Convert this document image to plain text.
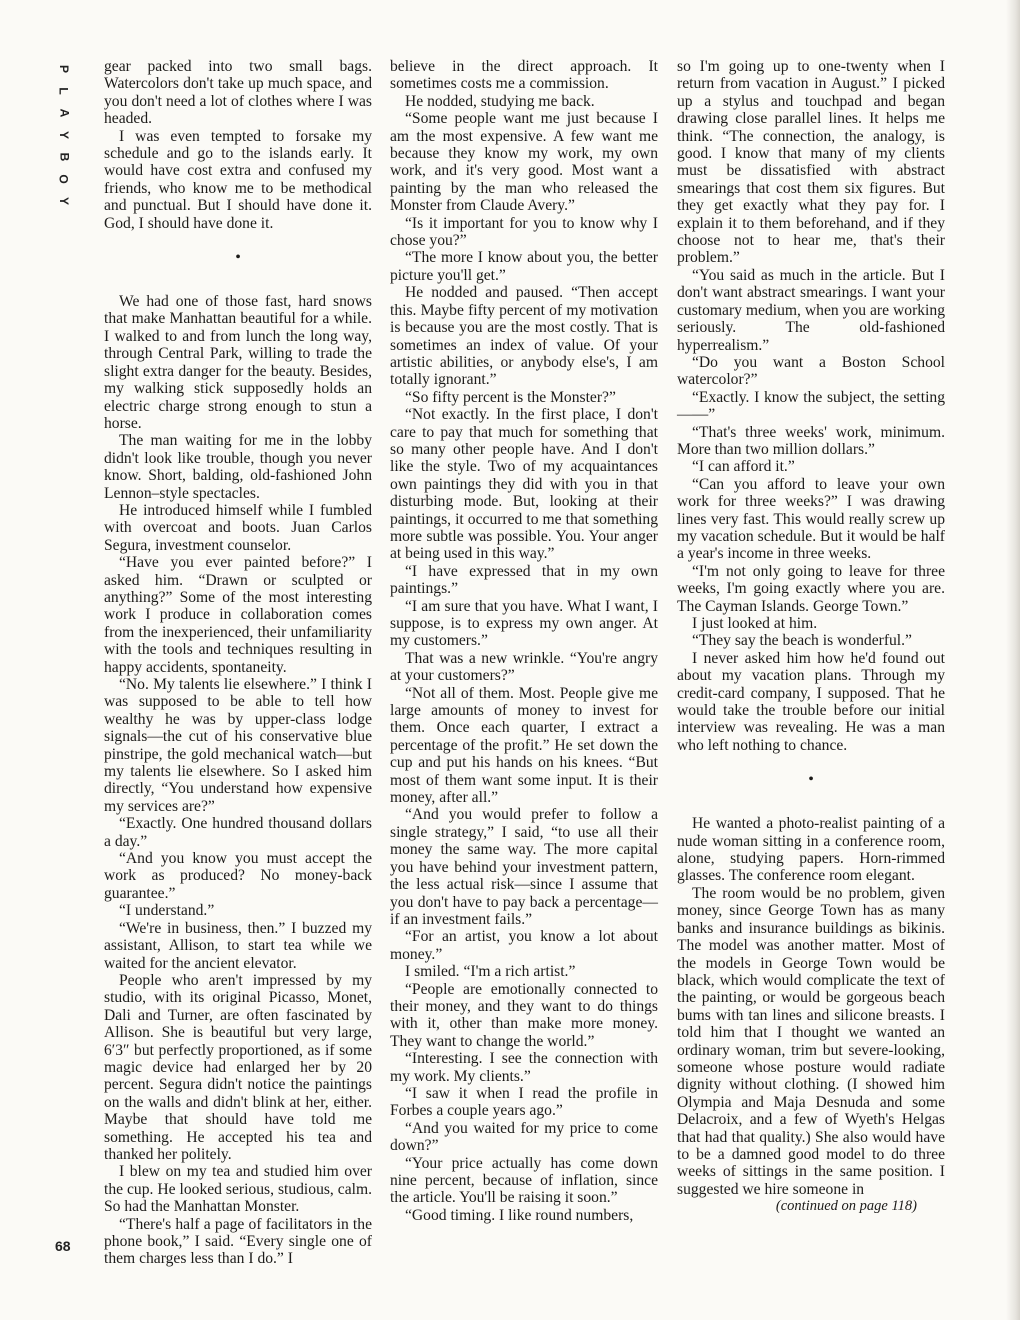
P
L
A
Y
B
O
Y

gear packed into two small bags. Watercolors don't take up much space, and you don't need a lot of clothes where I was headed.

I was even tempted to forsake my schedule and go to the islands early. It would have cost extra and confused my friends, who know me to be methodical and punctual. But I should have done it. God, I should have done it.

•

We had one of those fast, hard snows that make Manhattan beautiful for a while. I walked to and from lunch the long way, through Central Park, willing to trade the slight extra danger for the beauty. Besides, my walking stick supposedly holds an electric charge strong enough to stun a horse.

The man waiting for me in the lobby didn't look like trouble, though you never know. Short, balding, old-fashioned John Lennon–style spectacles.

He introduced himself while I fumbled with overcoat and boots. Juan Carlos Segura, investment counselor.

“Have you ever painted before?” I asked him. “Drawn or sculpted or anything?” Some of the most interesting work I produce in collaboration comes from the inexperienced, their unfamiliarity with the tools and techniques resulting in happy accidents, spontaneity.

“No. My talents lie elsewhere.” I think I was supposed to be able to tell how wealthy he was by upper-class lodge signals—the cut of his conservative blue pinstripe, the gold mechanical watch—but my talents lie elsewhere. So I asked him directly, “You understand how expensive my services are?”

“Exactly. One hundred thousand dollars a day.”

“And you know you must accept the work as produced? No money-back guarantee.”

“I understand.”

“We're in business, then.” I buzzed my assistant, Allison, to start tea while we waited for the ancient elevator.

People who aren't impressed by my studio, with its original Picasso, Monet, Dali and Turner, are often fascinated by Allison. She is beautiful but very large, 6′3″ but perfectly proportioned, as if some magic device had enlarged her by 20 percent. Segura didn't notice the paintings on the walls and didn't blink at her, either. Maybe that should have told me something. He accepted his tea and thanked her politely.

I blew on my tea and studied him over the cup. He looked serious, studious, calm. So had the Manhattan Monster.

“There's half a page of facilitators in the phone book,” I said. “Every single one of them charges less than I do.” I

believe in the direct approach. It sometimes costs me a commission.

He nodded, studying me back.

“Some people want me just because I am the most expensive. A few want me because they know my work, my own work, and it's very good. Most want a painting by the man who released the Monster from Claude Avery.”

“Is it important for you to know why I chose you?”

“The more I know about you, the better picture you'll get.”

He nodded and paused. “Then accept this. Maybe fifty percent of my motivation is because you are the most costly. That is sometimes an index of value. Of your artistic abilities, or anybody else's, I am totally ignorant.”

“So fifty percent is the Monster?”

“Not exactly. In the first place, I don't care to pay that much for something that so many other people have. And I don't like the style. Two of my acquaintances own paintings they did with you in that disturbing mode. But, looking at their paintings, it occurred to me that something more subtle was possible. You. Your anger at being used in this way.”

“I have expressed that in my own paintings.”

“I am sure that you have. What I want, I suppose, is to express my own anger. At my customers.”

That was a new wrinkle. “You're angry at your customers?”

“Not all of them. Most. People give me large amounts of money to invest for them. Once each quarter, I extract a percentage of the profit.” He set down the cup and put his hands on his knees. “But most of them want some input. It is their money, after all.”

“And you would prefer to follow a single strategy,” I said, “to use all their money the same way. The more capital you have behind your investment pattern, the less actual risk—since I assume that you don't have to pay back a percentage—if an investment fails.”

“For an artist, you know a lot about money.”

I smiled. “I'm a rich artist.”

“People are emotionally connected to their money, and they want to do things with it, other than make more money. They want to change the world.”

“Interesting. I see the connection with my work. My clients.”

“I saw it when I read the profile in Forbes a couple years ago.”

“And you waited for my price to come down?”

“Your price actually has come down nine percent, because of inflation, since the article. You'll be raising it soon.”

“Good timing. I like round numbers,

so I'm going up to one-twenty when I return from vacation in August.” I picked up a stylus and touchpad and began drawing close parallel lines. It helps me think. “The connection, the analogy, is good. I know that many of my clients must be dissatisfied with abstract smearings that cost them six figures. But they get exactly what they pay for. I explain it to them beforehand, and if they choose not to hear me, that's their problem.”

“You said as much in the article. But I don't want abstract smearings. I want your customary medium, when you are working seriously. The old-fashioned hyperrealism.”

“Do you want a Boston School watercolor?”

“Exactly. I know the subject, the setting——”

“That's three weeks' work, minimum. More than two million dollars.”

“I can afford it.”

“Can you afford to leave your own work for three weeks?” I was drawing lines very fast. This would really screw up my vacation schedule. But it would be half a year's income in three weeks.

“I'm not only going to leave for three weeks, I'm going exactly where you are. The Cayman Islands. George Town.”

I just looked at him.

“They say the beach is wonderful.”

I never asked him how he'd found out about my vacation plans. Through my credit-card company, I supposed. That he would take the trouble before our initial interview was revealing. He was a man who left nothing to chance.

•

He wanted a photo-realist painting of a nude woman sitting in a conference room, alone, studying papers. Horn-rimmed glasses. The conference room elegant.

The room would be no problem, given money, since George Town has as many banks and insurance buildings as bikinis. The model was another matter. Most of the models in George Town would be black, which would complicate the text of the painting, or would be gorgeous beach bums with tan lines and silicone breasts. I told him that I thought we wanted an ordinary woman, trim but severe-looking, someone whose posture would radiate dignity without clothing. (I showed him Olympia and Maja Desnuda and some Delacroix, and a few of Wyeth's Helgas that had that quality.) She also would have to be a damned good model to do three weeks of sittings in the same position. I suggested we hire someone in

(continued on page 118)
68
